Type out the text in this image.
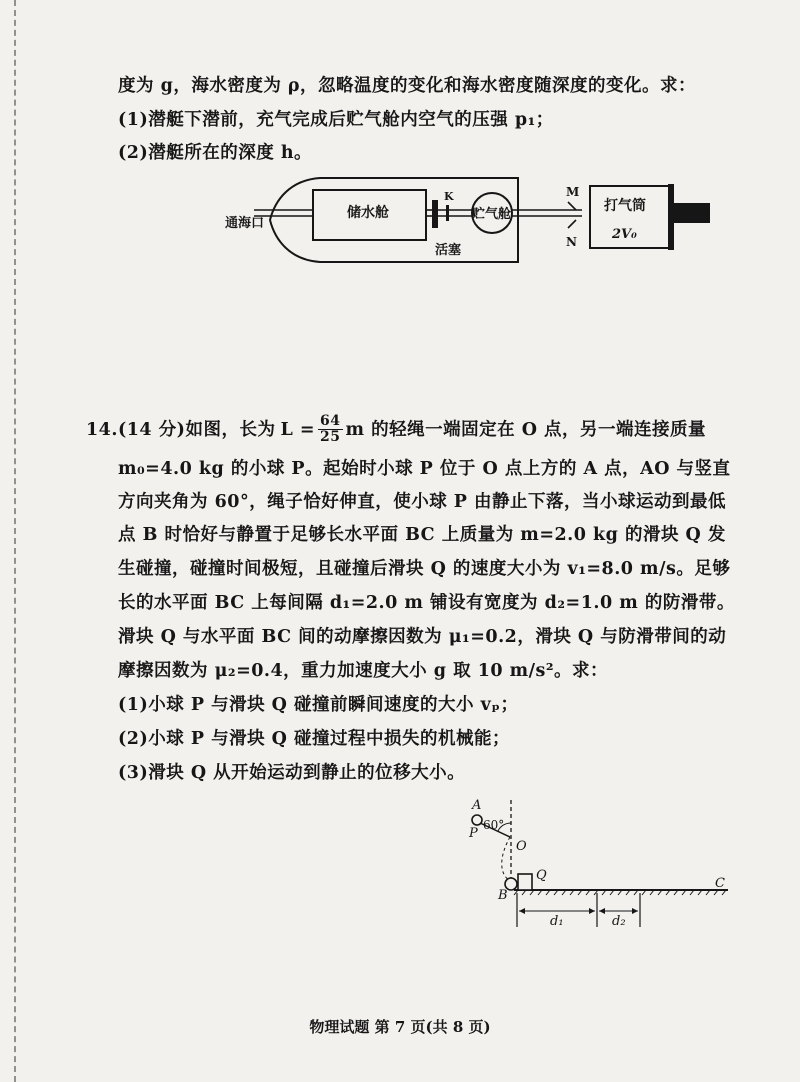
度为 g，海水密度为 ρ，忽略温度的变化和海水密度随深度的变化。求：
(1)潜艇下潜前，充气完成后贮气舱内空气的压强 p₁；
(2)潜艇所在的深度 h。
通海口
储水舱
K
贮气舱
活塞
M
N
打气筒
2V₀
14. (14 分) 如图，长为 $L = \frac{64}{25}$ m 的轻绳一端固定在 O 点，另一端连接质量
m₀=4.0 kg 的小球 P。起始时小球 P 位于 O 点上方的 A 点，AO 与竖直
方向夹角为 60°，绳子恰好伸直，使小球 P 由静止下落，当小球运动到最低
点 B 时恰好与静置于足够长水平面 BC 上质量为 m=2.0 kg 的滑块 Q 发
生碰撞，碰撞时间极短，且碰撞后滑块 Q 的速度大小为 v₁=8.0 m/s。足够
长的水平面 BC 上每间隔 d₁=2.0 m 铺设有宽度为 d₂=1.0 m 的防滑带。
滑块 Q 与水平面 BC 间的动摩擦因数为 μ₁=0.2，滑块 Q 与防滑带间的动
摩擦因数为 μ₂=0.4，重力加速度大小 g 取 10 m/s²。求：
(1)小球 P 与滑块 Q 碰撞前瞬间速度的大小 vₚ；
(2)小球 P 与滑块 Q 碰撞过程中损失的机械能；
(3)滑块 Q 从开始运动到静止的位移大小。
A
60°
P
O
Q
B
C
d₁	d₂
物理试题 第 7 页(共 8 页)
